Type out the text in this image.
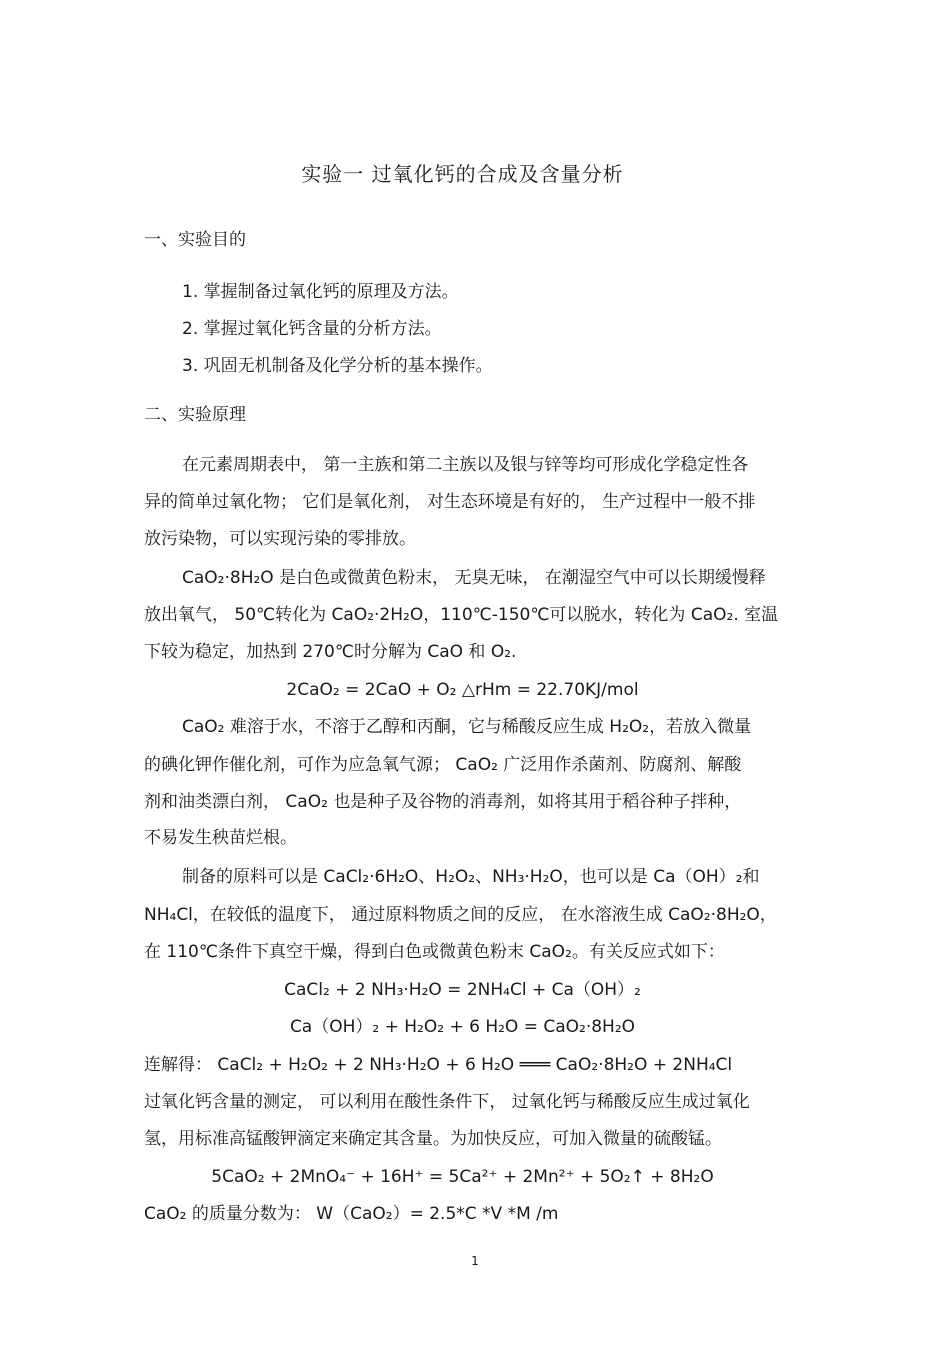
实验一 过氧化钙的合成及含量分析
一、实验目的
1. 掌握制备过氧化钙的原理及方法。
2. 掌握过氧化钙含量的分析方法。
3. 巩固无机制备及化学分析的基本操作。
二、实验原理
在元素周期表中， 第一主族和第二主族以及银与锌等均可形成化学稳定性各
异的简单过氧化物； 它们是氧化剂， 对生态环境是有好的， 生产过程中一般不排
放污染物，可以实现污染的零排放。
CaO₂·8H₂O 是白色或微黄色粉末， 无臭无味， 在潮湿空气中可以长期缓慢释
放出氧气， 50℃转化为 CaO₂·2H₂O，110℃-150℃可以脱水，转化为 CaO₂. 室温
下较为稳定，加热到 270℃时分解为 CaO 和 O₂.
2CaO₂ = 2CaO + O₂ △rHm = 22.70KJ/mol
CaO₂ 难溶于水，不溶于乙醇和丙酮，它与稀酸反应生成 H₂O₂，若放入微量
的碘化钾作催化剂，可作为应急氧气源； CaO₂ 广泛用作杀菌剂、防腐剂、解酸
剂和油类漂白剂， CaO₂ 也是种子及谷物的消毒剂，如将其用于稻谷种子拌种，
不易发生秧苗烂根。
制备的原料可以是 CaCl₂·6H₂O、H₂O₂、NH₃·H₂O，也可以是 Ca（OH）₂和
NH₄Cl，在较低的温度下， 通过原料物质之间的反应， 在水溶液生成 CaO₂·8H₂O，
在 110℃条件下真空干燥，得到白色或微黄色粉末 CaO₂。有关反应式如下：
CaCl₂ + 2 NH₃·H₂O = 2NH₄Cl + Ca（OH）₂
Ca（OH）₂ + H₂O₂ + 6 H₂O = CaO₂·8H₂O
连解得： CaCl₂ + H₂O₂ + 2 NH₃·H₂O + 6 H₂O ═══ CaO₂·8H₂O + 2NH₄Cl
过氧化钙含量的测定， 可以利用在酸性条件下， 过氧化钙与稀酸反应生成过氧化
氢，用标准高锰酸钾滴定来确定其含量。为加快反应，可加入微量的硫酸锰。
5CaO₂ + 2MnO₄⁻ + 16H⁺ = 5Ca²⁺ + 2Mn²⁺ + 5O₂↑ + 8H₂O
CaO₂ 的质量分数为： W（CaO₂）= 2.5*C *V *M /m
1
